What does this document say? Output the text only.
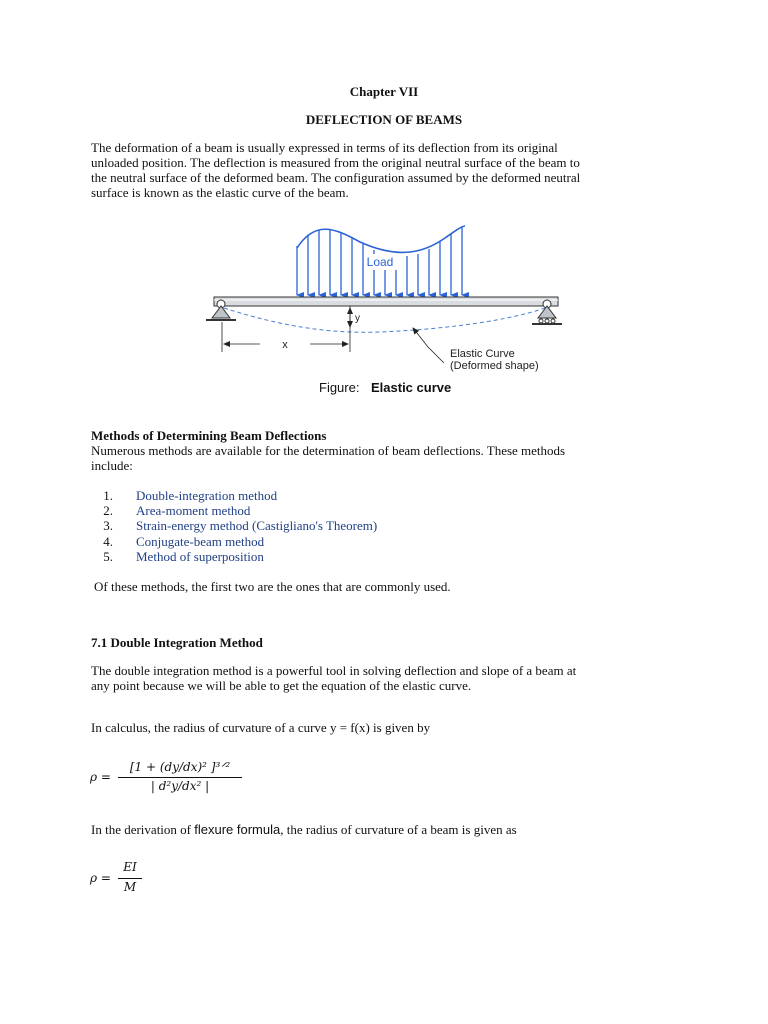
Chapter VII
DEFLECTION OF BEAMS
The deformation of a beam is usually expressed in terms of its deflection from its original
unloaded position. The deflection is measured from the original neutral surface of the beam to
the neutral surface of the deformed beam. The configuration assumed by the deformed neutral
surface is known as the elastic curve of the beam.
Load
y
x
Elastic Curve
(Deformed shape)
Figure: Elastic curve
Methods of Determining Beam Deflections
Numerous methods are available for the determination of beam deflections. These methods
include:
1. Double-integration method
2. Area-moment method
3. Strain-energy method (Castigliano's Theorem)
4. Conjugate-beam method
5. Method of superposition
Of these methods, the first two are the ones that are commonly used.
7.1 Double Integration Method
The double integration method is a powerful tool in solving deflection and slope of a beam at
any point because we will be able to get the equation of the elastic curve.
In calculus, the radius of curvature of a curve y = f(x) is given by
ρ =
[1 + (dy/dx)² ]³ᐟ²
| d²y/dx² |
In the derivation of flexure formula, the radius of curvature of a beam is given as
ρ =
EI
M
